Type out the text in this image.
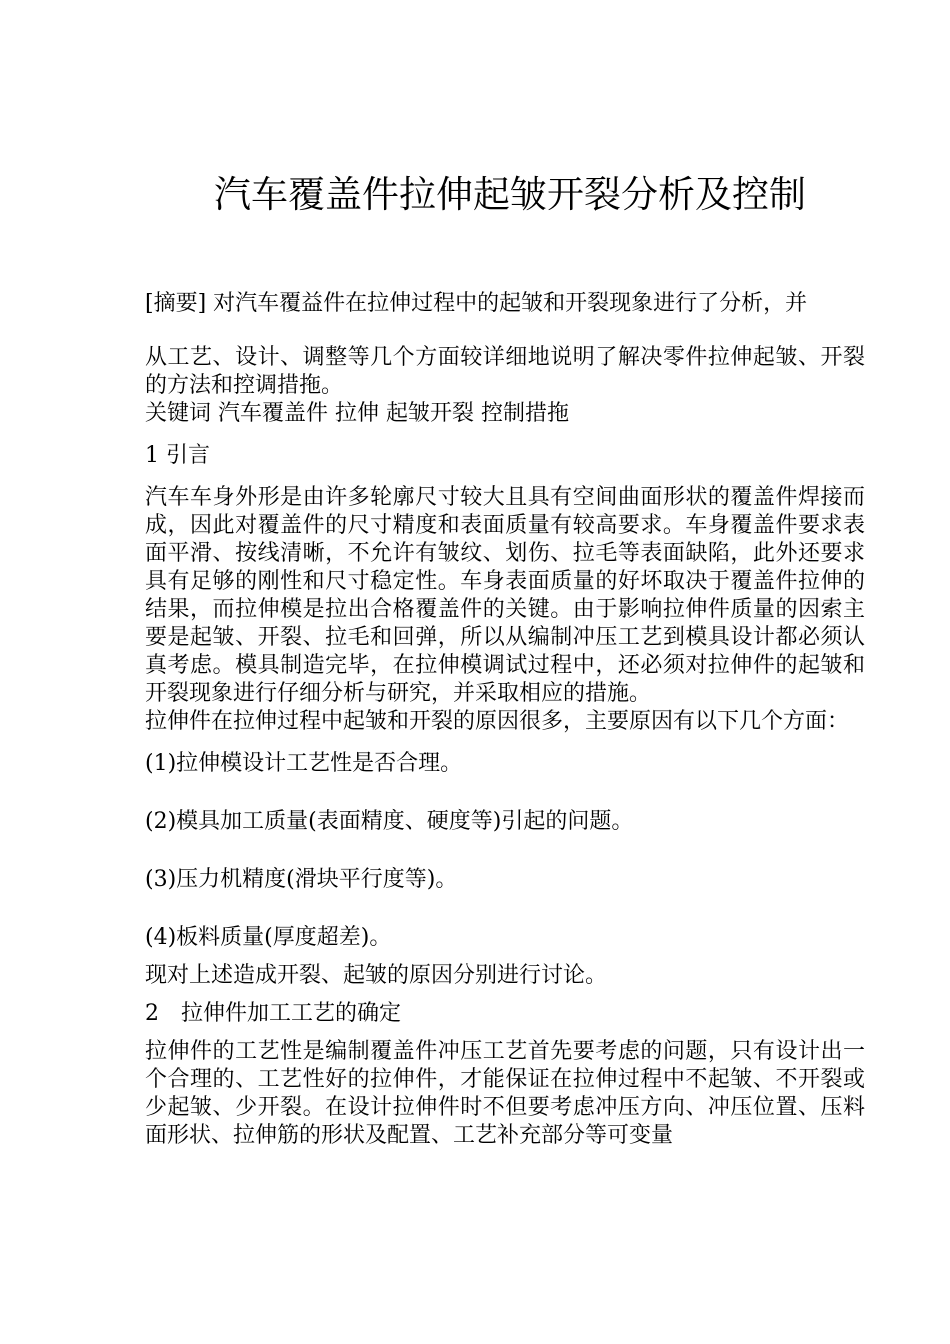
汽车覆盖件拉伸起皱开裂分析及控制

[摘要] 对汽车覆益件在拉伸过程中的起皱和开裂现象进行了分析，并

从工艺、设计、调整等几个方面较详细地说明了解决零件拉伸起皱、开裂的方法和控调措拖。

关键词 汽车覆盖件 拉伸 起皱开裂 控制措拖

1 引言

汽车车身外形是由许多轮廓尺寸较大且具有空间曲面形状的覆盖件焊接而成，因此对覆盖件的尺寸精度和表面质量有较高要求。车身覆盖件要求表面平滑、按线清晰，不允许有皱纹、划伤、拉毛等表面缺陷，此外还要求具有足够的刚性和尺寸稳定性。车身表面质量的好坏取决于覆盖件拉伸的结果，而拉伸模是拉出合格覆盖件的关键。由于影响拉伸件质量的因索主要是起皱、开裂、拉毛和回弹，所以从编制冲压工艺到模具设计都必须认真考虑。模具制造完毕，在拉伸模调试过程中，还必须对拉伸件的起皱和开裂现象进行仔细分析与研究，并采取相应的措施。

拉伸件在拉伸过程中起皱和开裂的原因很多，主要原因有以下几个方面：

(1)拉伸模设计工艺性是否合理。

(2)模具加工质量(表面精度、硬度等)引起的问题。

(3)压力机精度(滑块平行度等)。

(4)板料质量(厚度超差)。

现对上述造成开裂、起皱的原因分别进行讨论。

2　拉伸件加工工艺的确定

拉伸件的工艺性是编制覆盖件冲压工艺首先要考虑的问题，只有设计出一个合理的、工艺性好的拉伸件，才能保证在拉伸过程中不起皱、不开裂或少起皱、少开裂。在设计拉伸件时不但要考虑冲压方向、冲压位置、压料面形状、拉伸筋的形状及配置、工艺补充部分等可变量
